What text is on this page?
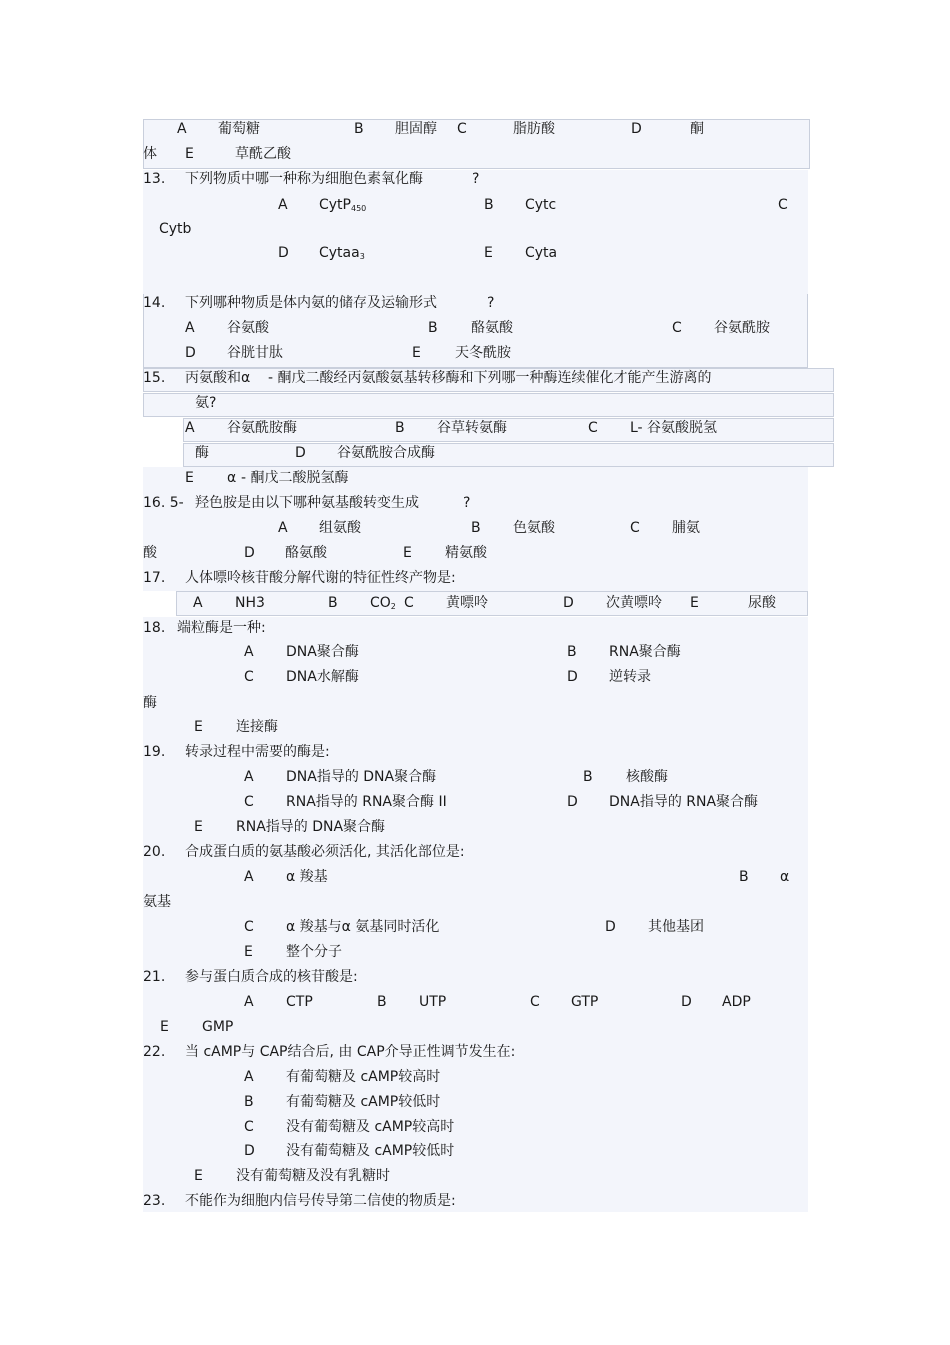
A 葡萄糖	B 胆固醇 C	脂肪酸	D	酮
体 E	草酰乙酸
13. 下列物质中哪一种称为细胞色素氧化酶	?
A CytP450	B Cytc	C
Cytb
D Cytaa3	E Cyta
14. 下列哪种物质是体内氨的储存及运输形式	?
A 谷氨酸	B 酪氨酸	C 谷氨酰胺
D 谷胱甘肽	E 天冬酰胺
15. 丙氨酸和α - 酮戊二酸经丙氨酸氨基转移酶和下列哪一种酶连续催化才能产生游离的
氨?
A 谷氨酰胺酶	B 谷草转氨酶	C L- 谷氨酸脱氢
酶	D 谷氨酰胺合成酶
E α - 酮戊二酸脱氢酶
16. 5- 羟色胺是由以下哪种氨基酸转变生成	?
A 组氨酸	B 色氨酸	C 脯氨
酸	D 酪氨酸	E 精氨酸
17. 人体嘌呤核苷酸分解代谢的特征性终产物是:
A NH3	B CO2 C 黄嘌呤	D 次黄嘌呤 E	尿酸
18. 端粒酶是一种:
A DNA聚合酶	B RNA聚合酶
C DNA水解酶	D 逆转录
酶
E 连接酶
19. 转录过程中需要的酶是:
A DNA指导的 DNA聚合酶	B 核酸酶
C RNA指导的 RNA聚合酶 II	D DNA指导的 RNA聚合酶
E RNA指导的 DNA聚合酶
20. 合成蛋白质的氨基酸必须活化, 其活化部位是:
A α 羧基	B α
氨基
C α 羧基与α 氨基同时活化	D 其他基团
E 整个分子
21. 参与蛋白质合成的核苷酸是:
A CTP	B UTP	C GTP	D ADP
E GMP
22. 当 cAMP与 CAP结合后, 由 CAP介导正性调节发生在:
A 有葡萄糖及 cAMP较高时
B 有葡萄糖及 cAMP较低时
C 没有葡萄糖及 cAMP较高时
D 没有葡萄糖及 cAMP较低时
E 没有葡萄糖及没有乳糖时
23. 不能作为细胞内信号传导第二信使的物质是:
